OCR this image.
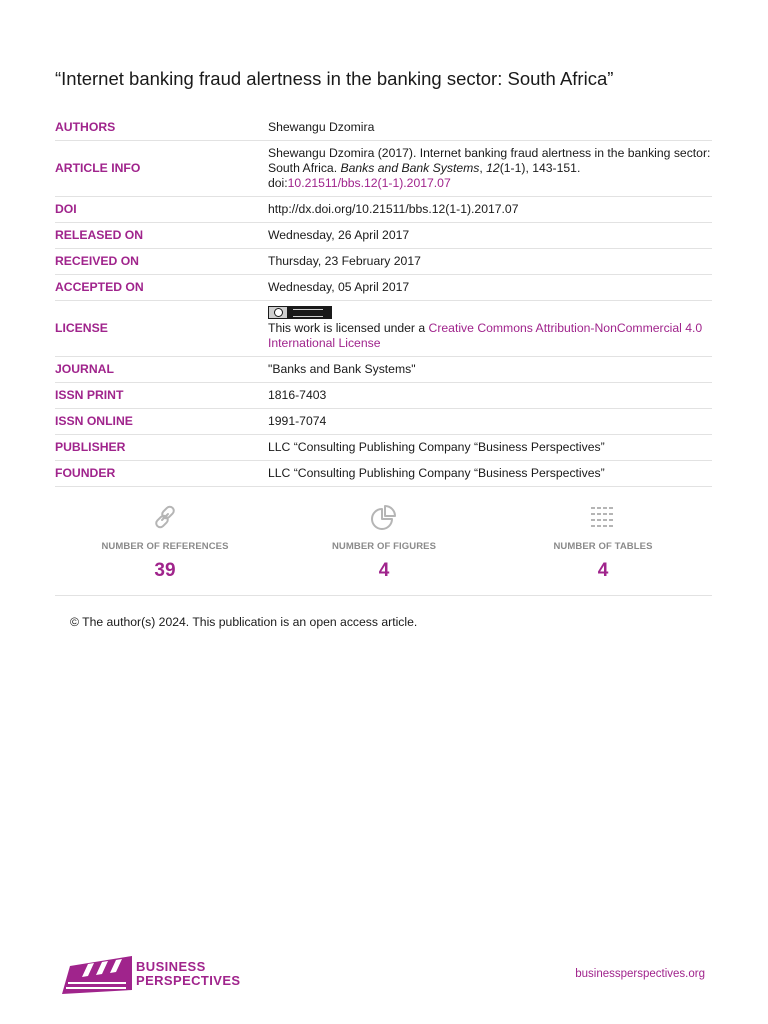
“Internet banking fraud alertness in the banking sector: South Africa”
AUTHORS	Shewangu Dzomira
ARTICLE INFO
Shewangu Dzomira (2017). Internet banking fraud alertness in the banking sector: South Africa. Banks and Bank Systems, 12(1-1), 143-151.
doi:10.21511/bbs.12(1-1).2017.07
DOI	http://dx.doi.org/10.21511/bbs.12(1-1).2017.07
RELEASED ON	Wednesday, 26 April 2017
RECEIVED ON	Thursday, 23 February 2017
ACCEPTED ON	Wednesday, 05 April 2017
LICENSE	This work is licensed under a Creative Commons Attribution-NonCommercial 4.0 International License
JOURNAL	"Banks and Bank Systems"
ISSN PRINT	1816-7403
ISSN ONLINE	1991-7074
PUBLISHER	LLC “Consulting Publishing Company “Business Perspectives”
FOUNDER	LLC “Consulting Publishing Company “Business Perspectives”
NUMBER OF REFERENCES
39
NUMBER OF FIGURES
4
NUMBER OF TABLES
4
© The author(s) 2024. This publication is an open access article.
BUSINESS
PERSPECTIVES	businessperspectives.org
